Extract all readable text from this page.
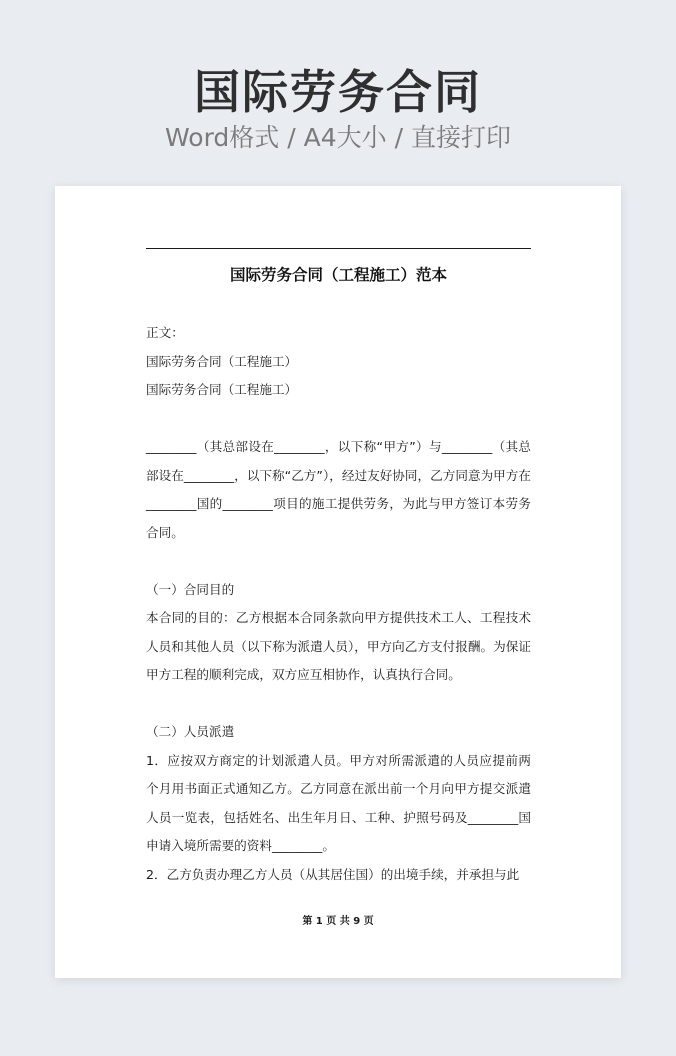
国际劳务合同
Word格式 / A4大小 / 直接打印
国际劳务合同（工程施工）范本

正文：

国际劳务合同（工程施工）

国际劳务合同（工程施工）

________（其总部设在________，以下称“甲方”）与________（其总部设在________，以下称“乙方”），经过友好协同，乙方同意为甲方在________国的________项目的施工提供劳务，为此与甲方签订本劳务合同。

（一）合同目的

本合同的目的：乙方根据本合同条款向甲方提供技术工人、工程技术人员和其他人员（以下称为派遣人员），甲方向乙方支付报酬。为保证甲方工程的顺利完成，双方应互相协作，认真执行合同。

（二）人员派遣

1．应按双方商定的计划派遣人员。甲方对所需派遣的人员应提前两个月用书面正式通知乙方。乙方同意在派出前一个月向甲方提交派遣人员一览表，包括姓名、出生年月日、工种、护照号码及________国申请入境所需要的资料________。

2．乙方负责办理乙方人员（从其居住国）的出境手续，并承担与此

第 1 页 共 9 页
